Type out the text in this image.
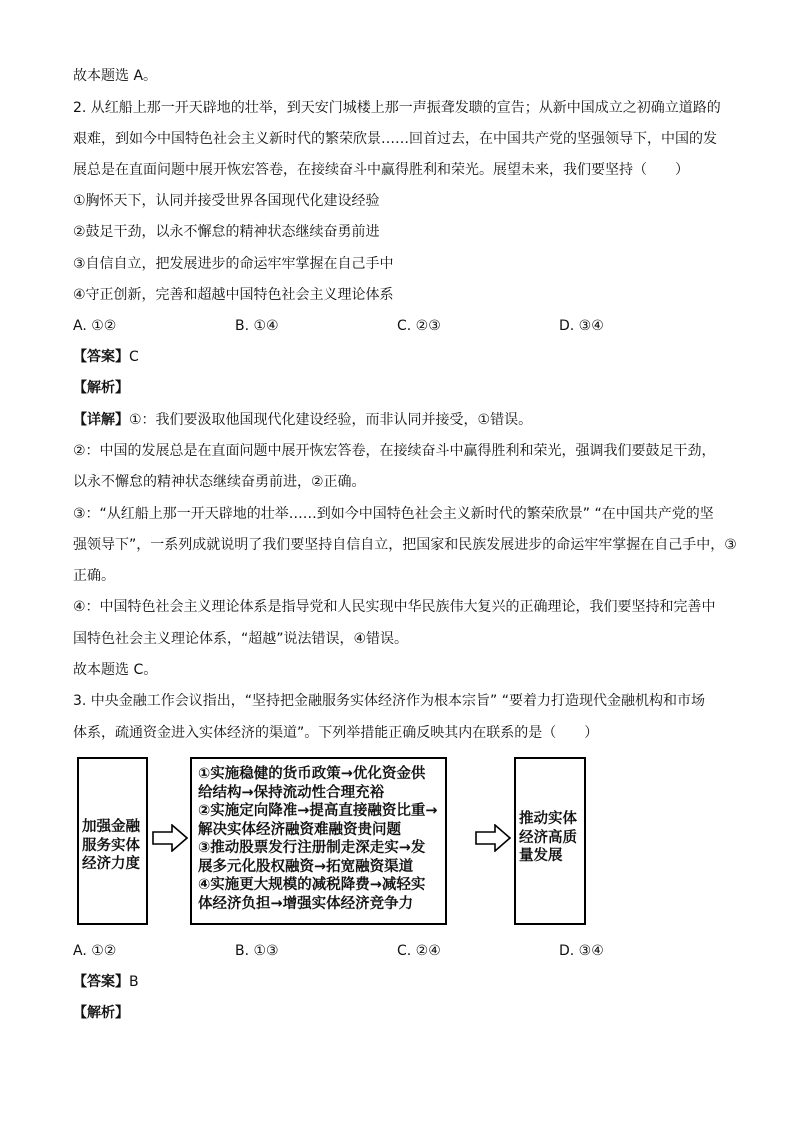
故本题选 A。
2. 从红船上那一开天辟地的壮举，到天安门城楼上那一声振聋发聩的宣告；从新中国成立之初确立道路的
艰难，到如今中国特色社会主义新时代的繁荣欣景……回首过去，在中国共产党的坚强领导下，中国的发
展总是在直面问题中展开恢宏答卷，在接续奋斗中赢得胜利和荣光。展望未来，我们要坚持（　　）
①胸怀天下，认同并接受世界各国现代化建设经验
②鼓足干劲，以永不懈怠的精神状态继续奋勇前进
③自信自立，把发展进步的命运牢牢掌握在自己手中
④守正创新，完善和超越中国特色社会主义理论体系
A. ①②	B. ①④	C. ②③	D. ③④
【答案】C
【解析】
【详解】①：我们要汲取他国现代化建设经验，而非认同并接受，①错误。
②：中国的发展总是在直面问题中展开恢宏答卷，在接续奋斗中赢得胜利和荣光，强调我们要鼓足干劲，
以永不懈怠的精神状态继续奋勇前进，②正确。
③：“从红船上那一开天辟地的壮举……到如今中国特色社会主义新时代的繁荣欣景” “在中国共产党的坚
强领导下”，一系列成就说明了我们要坚持自信自立，把国家和民族发展进步的命运牢牢掌握在自己手中，③
正确。
④：中国特色社会主义理论体系是指导党和人民实现中华民族伟大复兴的正确理论，我们要坚持和完善中
国特色社会主义理论体系，“超越”说法错误，④错误。
故本题选 C。
3. 中央金融工作会议指出，“坚持把金融服务实体经济作为根本宗旨” “要着力打造现代金融机构和市场
体系，疏通资金进入实体经济的渠道”。下列举措能正确反映其内在联系的是（　　）
加强金融
服务实体
经济力度
①实施稳健的货币政策→优化资金供
给结构→保持流动性合理充裕
②实施定向降准→提高直接融资比重→
解决实体经济融资难融资贵问题
③推动股票发行注册制走深走实→发
展多元化股权融资→拓宽融资渠道
④实施更大规模的减税降费→减轻实
体经济负担→增强实体经济竞争力
推动实体
经济高质
量发展
A. ①②	B. ①③	C. ②④	D. ③④
【答案】B
【解析】
